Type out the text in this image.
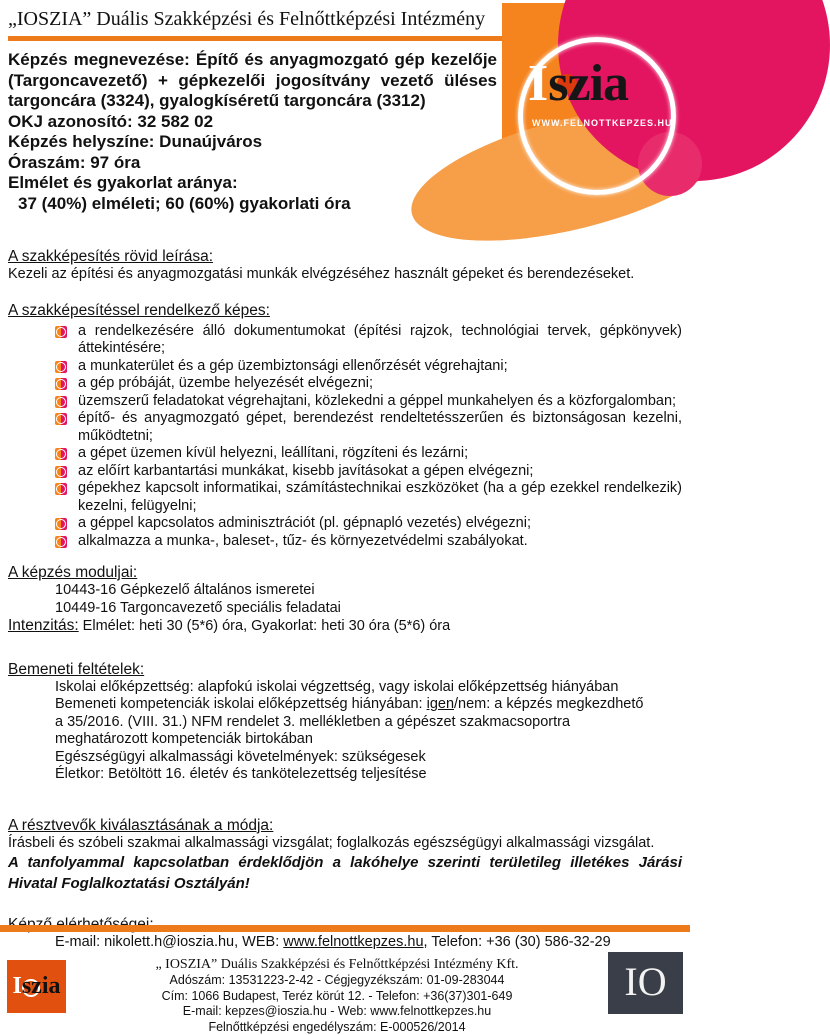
„IOSZIA” Duális Szakképzési és Felnőttképzési Intézmény

Képzés megnevezése: Építő és anyagmozgató gép kezelője (Targoncavezető) + gépkezelői jogosítvány vezető üléses targoncára (3324), gyalogkíséretű targoncára (3312)

OKJ azonosító: 32 582 02

Képzés helyszíne: Dunaújváros

Óraszám: 97 óra

Elmélet és gyakorlat aránya:

37 (40%) elméleti; 60 (60%) gyakorlati óra

Iszia
WWW.FELNOTTKEPZES.HU
A szakképesítés rövid leírása:

Kezeli az építési és anyagmozgatási munkák elvégzéséhez használt gépeket és berendezéseket.

A szakképesítéssel rendelkező képes:
a rendelkezésére álló dokumentumokat (építési rajzok, technológiai tervek, gépkönyvek) áttekintésére;
a munkaterület és a gép üzembiztonsági ellenőrzését végrehajtani;
a gép próbáját, üzembe helyezését elvégezni;
üzemszerű feladatokat végrehajtani, közlekedni a géppel munkahelyen és a közforgalomban;
építő- és anyagmozgató gépet, berendezést rendeltetésszerűen és biztonságosan kezelni, működtetni;
a gépet üzemen kívül helyezni, leállítani, rögzíteni és lezárni;
az előírt karbantartási munkákat, kisebb javításokat a gépen elvégezni;
gépekhez kapcsolt informatikai, számítástechnikai eszközöket (ha a gép ezekkel rendelkezik) kezelni, felügyelni;
a géppel kapcsolatos adminisztrációt (pl. gépnapló vezetés) elvégezni;
alkalmazza a munka-, baleset-, tűz- és környezetvédelmi szabályokat.
A képzés moduljai:

10443-16 Gépkezelő általános ismeretei

10449-16 Targoncavezető speciális feladatai

Intenzitás: Elmélet: heti 30 (5*6) óra, Gyakorlat: heti 30 óra (5*6) óra

Bemeneti feltételek:

Iskolai előképzettség: alapfokú iskolai végzettség, vagy iskolai előképzettség hiányában

Bemeneti kompetenciák iskolai előképzettség hiányában: igen/nem: a képzés megkezdhető

a 35/2016. (VIII. 31.) NFM rendelet 3. mellékletben a gépészet szakmacsoportra

meghatározott kompetenciák birtokában

Egészségügyi alkalmassági követelmények: szükségesek

Életkor: Betöltött 16. életév és tankötelezettség teljesítése

A résztvevők kiválasztásának a módja:

Írásbeli és szóbeli szakmai alkalmassági vizsgálat; foglalkozás egészségügyi alkalmassági vizsgálat.

A tanfolyammal kapcsolatban érdeklődjön a lakóhelye szerinti területileg illetékes Járási Hivatal Foglalkoztatási Osztályán!

E-mail: nikolett.h@ioszia.hu, WEB: www.felnottkepzes.hu, Telefon: +36 (30) 586-32-29

Iszia
„ IOSZIA” Duális Szakképzési és Felnőttképzési Intézmény Kft.
Adószám: 13531223-2-42 - Cégjegyzékszám: 01-09-283044
Cím: 1066 Budapest, Teréz körút 12. - Telefon: +36(37)301-649
E-mail: kepzes@ioszia.hu - Web: www.felnottkepzes.hu
Felnőttképzési engedélyszám: E-000526/2014
IO
